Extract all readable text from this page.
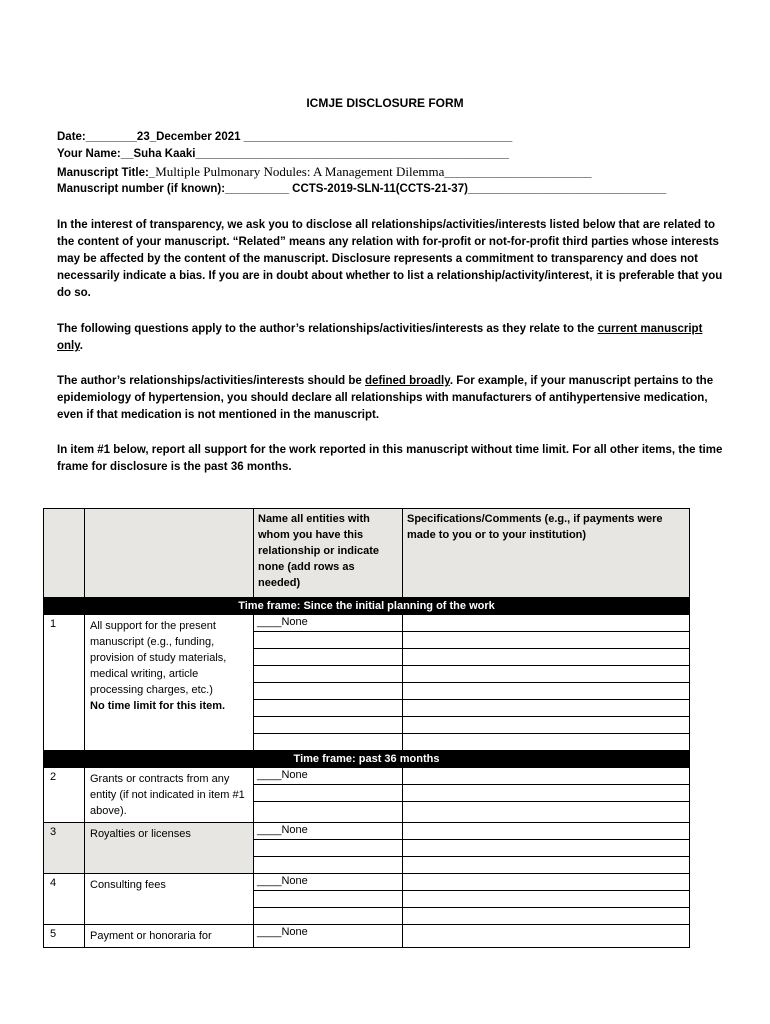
ICMJE DISCLOSURE FORM
Date:________23_December 2021 __________________________________________
Your Name:__Suha Kaaki_________________________________________________
Manuscript Title:_Multiple Pulmonary Nodules: A Management Dilemma_______________________
Manuscript number (if known):__________ CCTS-2019-SLN-11(CCTS-21-37)_______________________________
In the interest of transparency, we ask you to disclose all relationships/activities/interests listed below that are related to the content of your manuscript. “Related” means any relation with for-profit or not-for-profit third parties whose interests may be affected by the content of the manuscript. Disclosure represents a commitment to transparency and does not necessarily indicate a bias. If you are in doubt about whether to list a relationship/activity/interest, it is preferable that you do so.
The following questions apply to the author’s relationships/activities/interests as they relate to the current manuscript only.
The author’s relationships/activities/interests should be defined broadly. For example, if your manuscript pertains to the epidemiology of hypertension, you should declare all relationships with manufacturers of antihypertensive medication, even if that medication is not mentioned in the manuscript.
In item #1 below, report all support for the work reported in this manuscript without time limit. For all other items, the time frame for disclosure is the past 36 months.

		Name all entities with whom you have this relationship or indicate none (add rows as needed)	Specifications/Comments (e.g., if payments were made to you or to your institution)

Time frame: Since the initial planning of the work			
1	All support for the present manuscript (e.g., funding, provision of study materials, medical writing, article processing charges, etc.)
No time limit for this item.	____None	

Time frame: past 36 months			
2	Grants or contracts from any entity (if not indicated in item #1 above).	____None	

3	Royalties or licenses	____None	

4	Consulting fees	____None	

5	Payment or honoraria for	____None	
